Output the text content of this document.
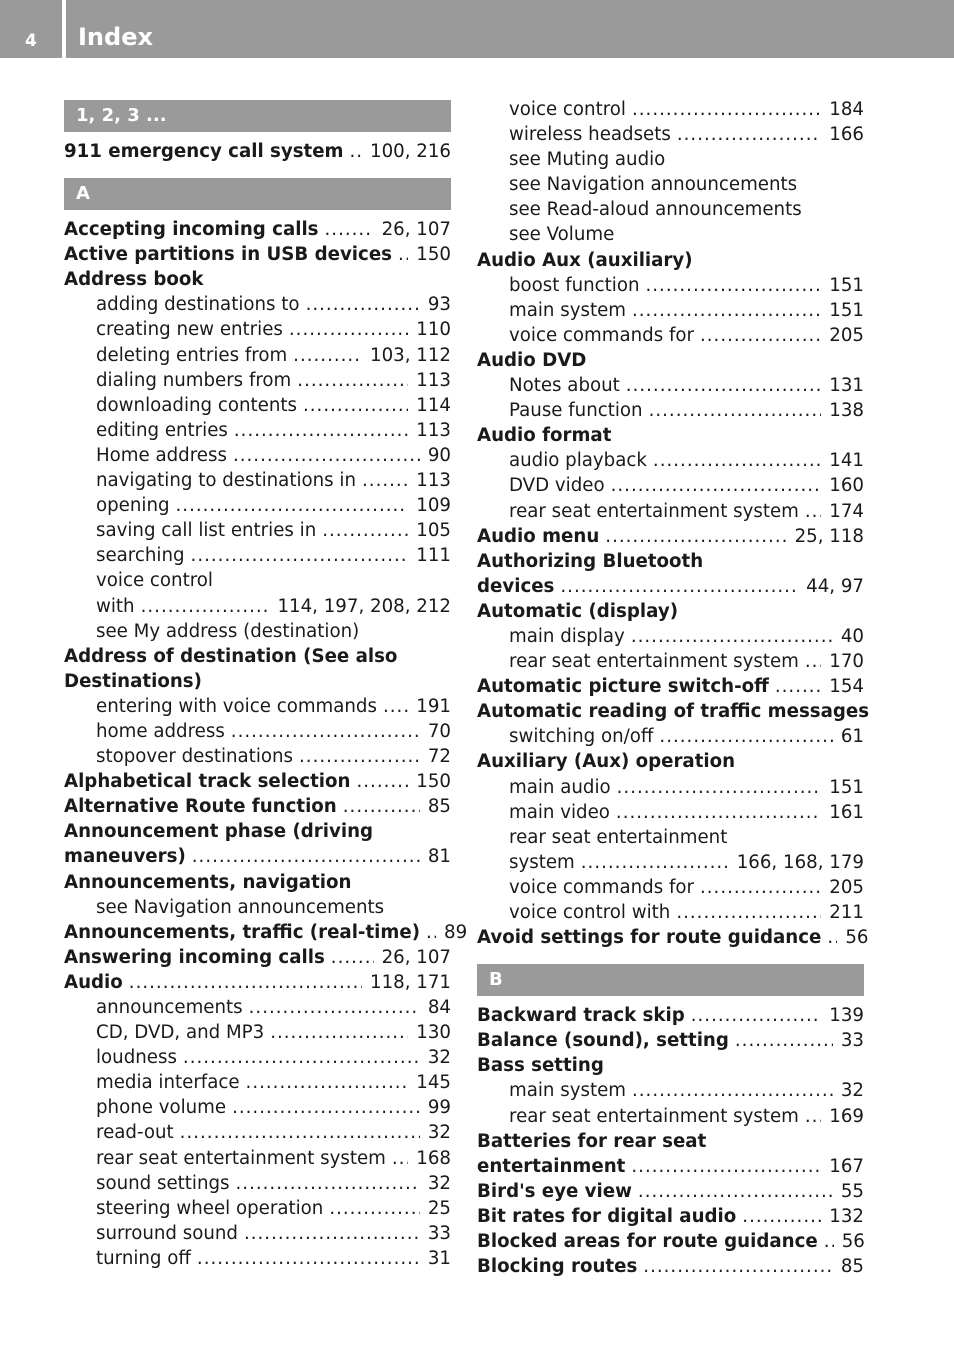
4 Index
1, 2, 3 ...
911 emergency call system ..... 100, 216
A
Accepting incoming calls .....	26, 107
Active partitions in USB devices ..... 150
Address book
adding destinations to .....	93
creating new entries .....	110
deleting entries from .....	103, 112
dialing numbers from .....	113
downloading contents .....	114
editing entries .....	113
Home address .....	90
navigating to destinations in .....	113
opening .....	109
saving call list entries in .....	105
searching .....	111
voice control
with .....	114, 197, 208, 212
see My address (destination)
Address of destination (See also
Destinations)
entering with voice commands ..... 191
home address .....	70
stopover destinations .....	72
Alphabetical track selection .....	150
Alternative Route function .....	85
Announcement phase (driving
maneuvers) .....	81
Announcements, navigation
see Navigation announcements
Announcements, traffic (real-time) ..... 89
Answering incoming calls .....	26, 107
Audio .....	118, 171
announcements .....	84
CD, DVD, and MP3 .....	130
loudness .....	32
media interface .....	145
phone volume .....	99
read-out .....	32
rear seat entertainment system ..... 168
sound settings .....	32
steering wheel operation .....	25
surround sound .....	33
turning off .....	31
voice control .....	184
wireless headsets .....	166
see Muting audio
see Navigation announcements
see Read-aloud announcements
see Volume
Audio Aux (auxiliary)
boost function .....	151
main system .....	151
voice commands for .....	205
Audio DVD
Notes about .....	131
Pause function .....	138
Audio format
audio playback .....	141
DVD video .....	160
rear seat entertainment system ..... 174
Audio menu .....	25, 118
Authorizing Bluetooth
devices .....	44, 97
Automatic (display)
main display .....	40
rear seat entertainment system ..... 170
Automatic picture switch-off .....	154
Automatic reading of traffic messages
switching on/off .....	61
Auxiliary (Aux) operation
main audio .....	151
main video .....	161
rear seat entertainment
system .....	166, 168, 179
voice commands for .....	205
voice control with .....	211
Avoid settings for route guidance ..... 56
B
Backward track skip .....	139
Balance (sound), setting .....	33
Bass setting
main system .....	32
rear seat entertainment system ..... 169
Batteries for rear seat
entertainment .....	167
Bird's eye view .....	55
Bit rates for digital audio .....	132
Blocked areas for route guidance ..... 56
Blocking routes .....	85
